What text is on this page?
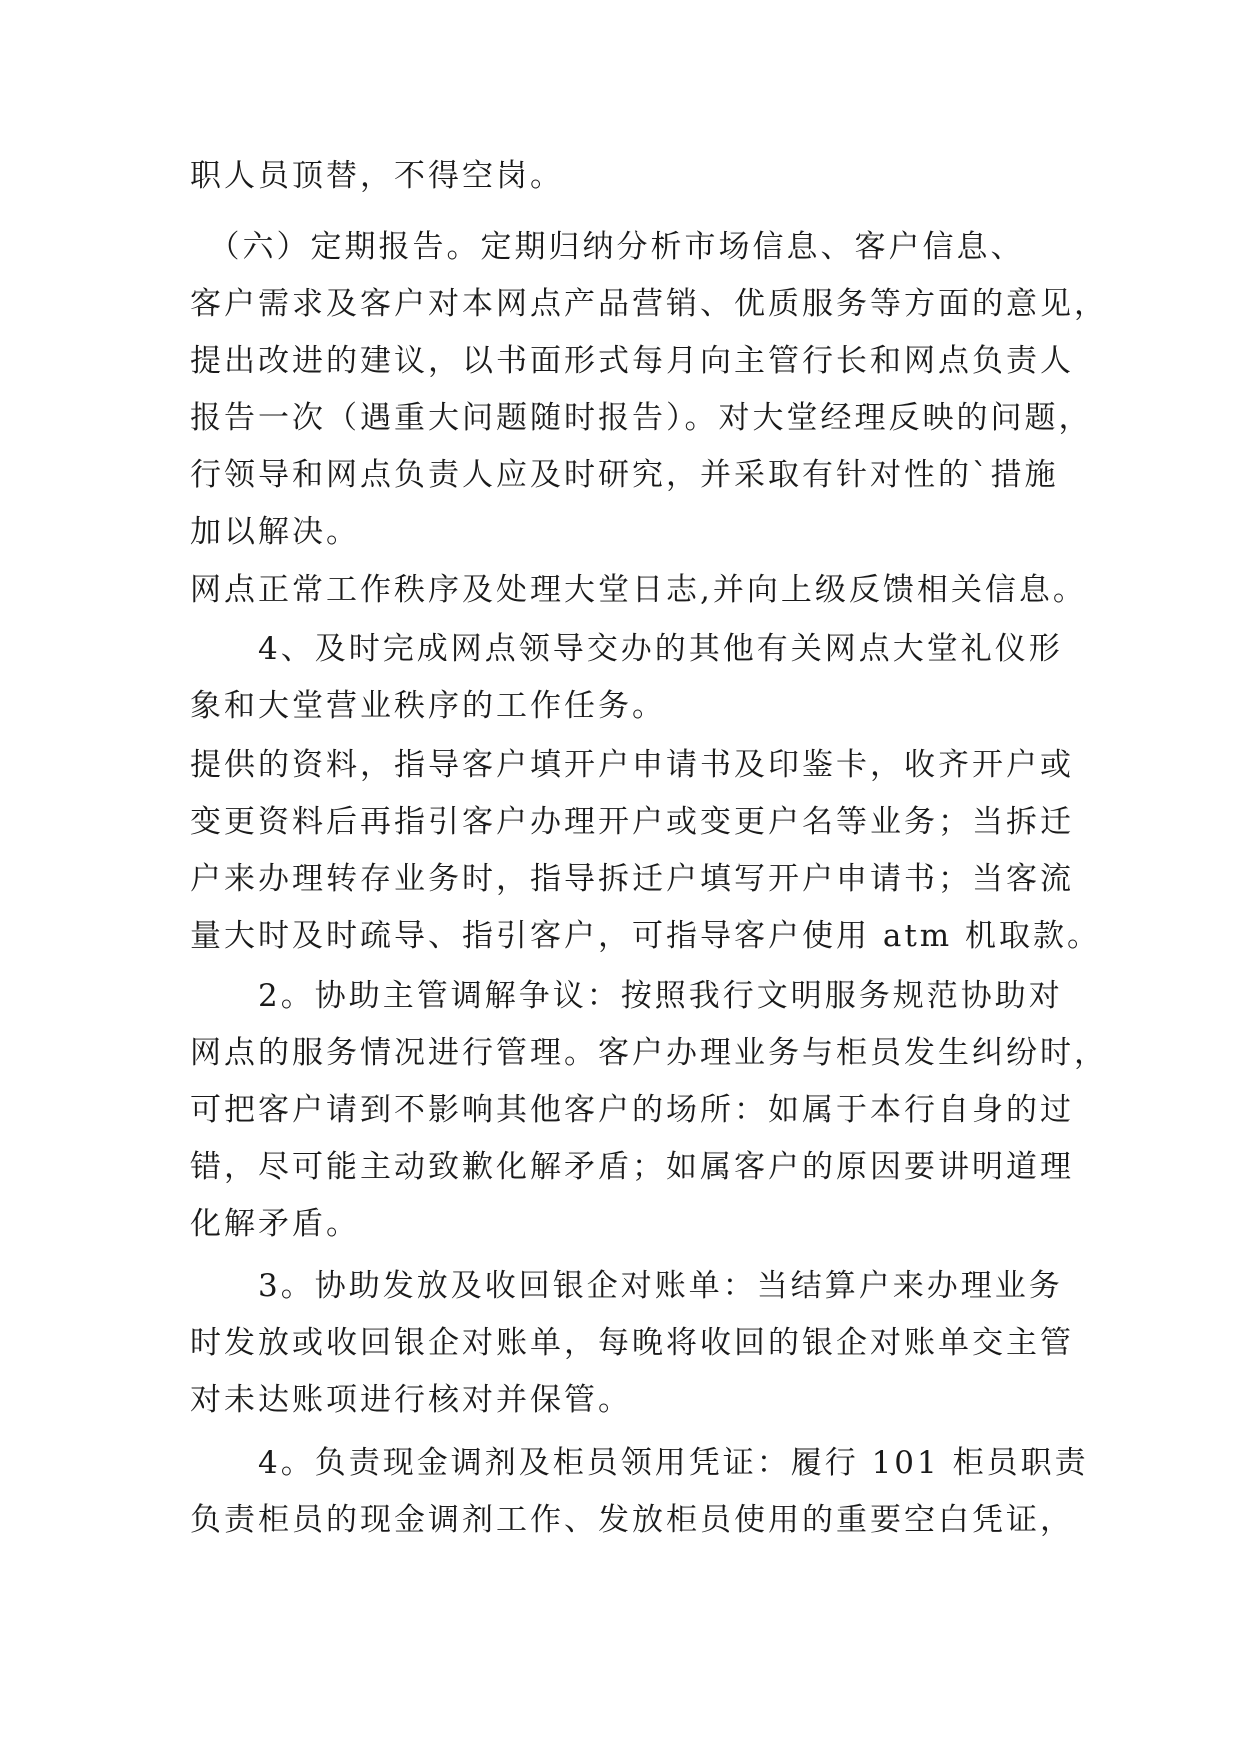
职人员顶替，不得空岗。
　（六）定期报告。定期归纳分析市场信息、客户信息、
客户需求及客户对本网点产品营销、优质服务等方面的意见，
提出改进的建议，以书面形式每月向主管行长和网点负责人
报告一次（遇重大问题随时报告）。对大堂经理反映的问题，
行领导和网点负责人应及时研究，并采取有针对性的`措施
加以解决。
网点正常工作秩序及处理大堂日志,并向上级反馈相关信息。
　　4、及时完成网点领导交办的其他有关网点大堂礼仪形
象和大堂营业秩序的工作任务。
提供的资料，指导客户填开户申请书及印鉴卡，收齐开户或
变更资料后再指引客户办理开户或变更户名等业务；当拆迁
户来办理转存业务时，指导拆迁户填写开户申请书；当客流
量大时及时疏导、指引客户，可指导客户使用 atm 机取款。
　　2。协助主管调解争议：按照我行文明服务规范协助对
网点的服务情况进行管理。客户办理业务与柜员发生纠纷时，
可把客户请到不影响其他客户的场所：如属于本行自身的过
错，尽可能主动致歉化解矛盾；如属客户的原因要讲明道理
化解矛盾。
　　3。协助发放及收回银企对账单：当结算户来办理业务
时发放或收回银企对账单，每晚将收回的银企对账单交主管
对未达账项进行核对并保管。
　　4。负责现金调剂及柜员领用凭证：履行 101 柜员职责
负责柜员的现金调剂工作、发放柜员使用的重要空白凭证，
